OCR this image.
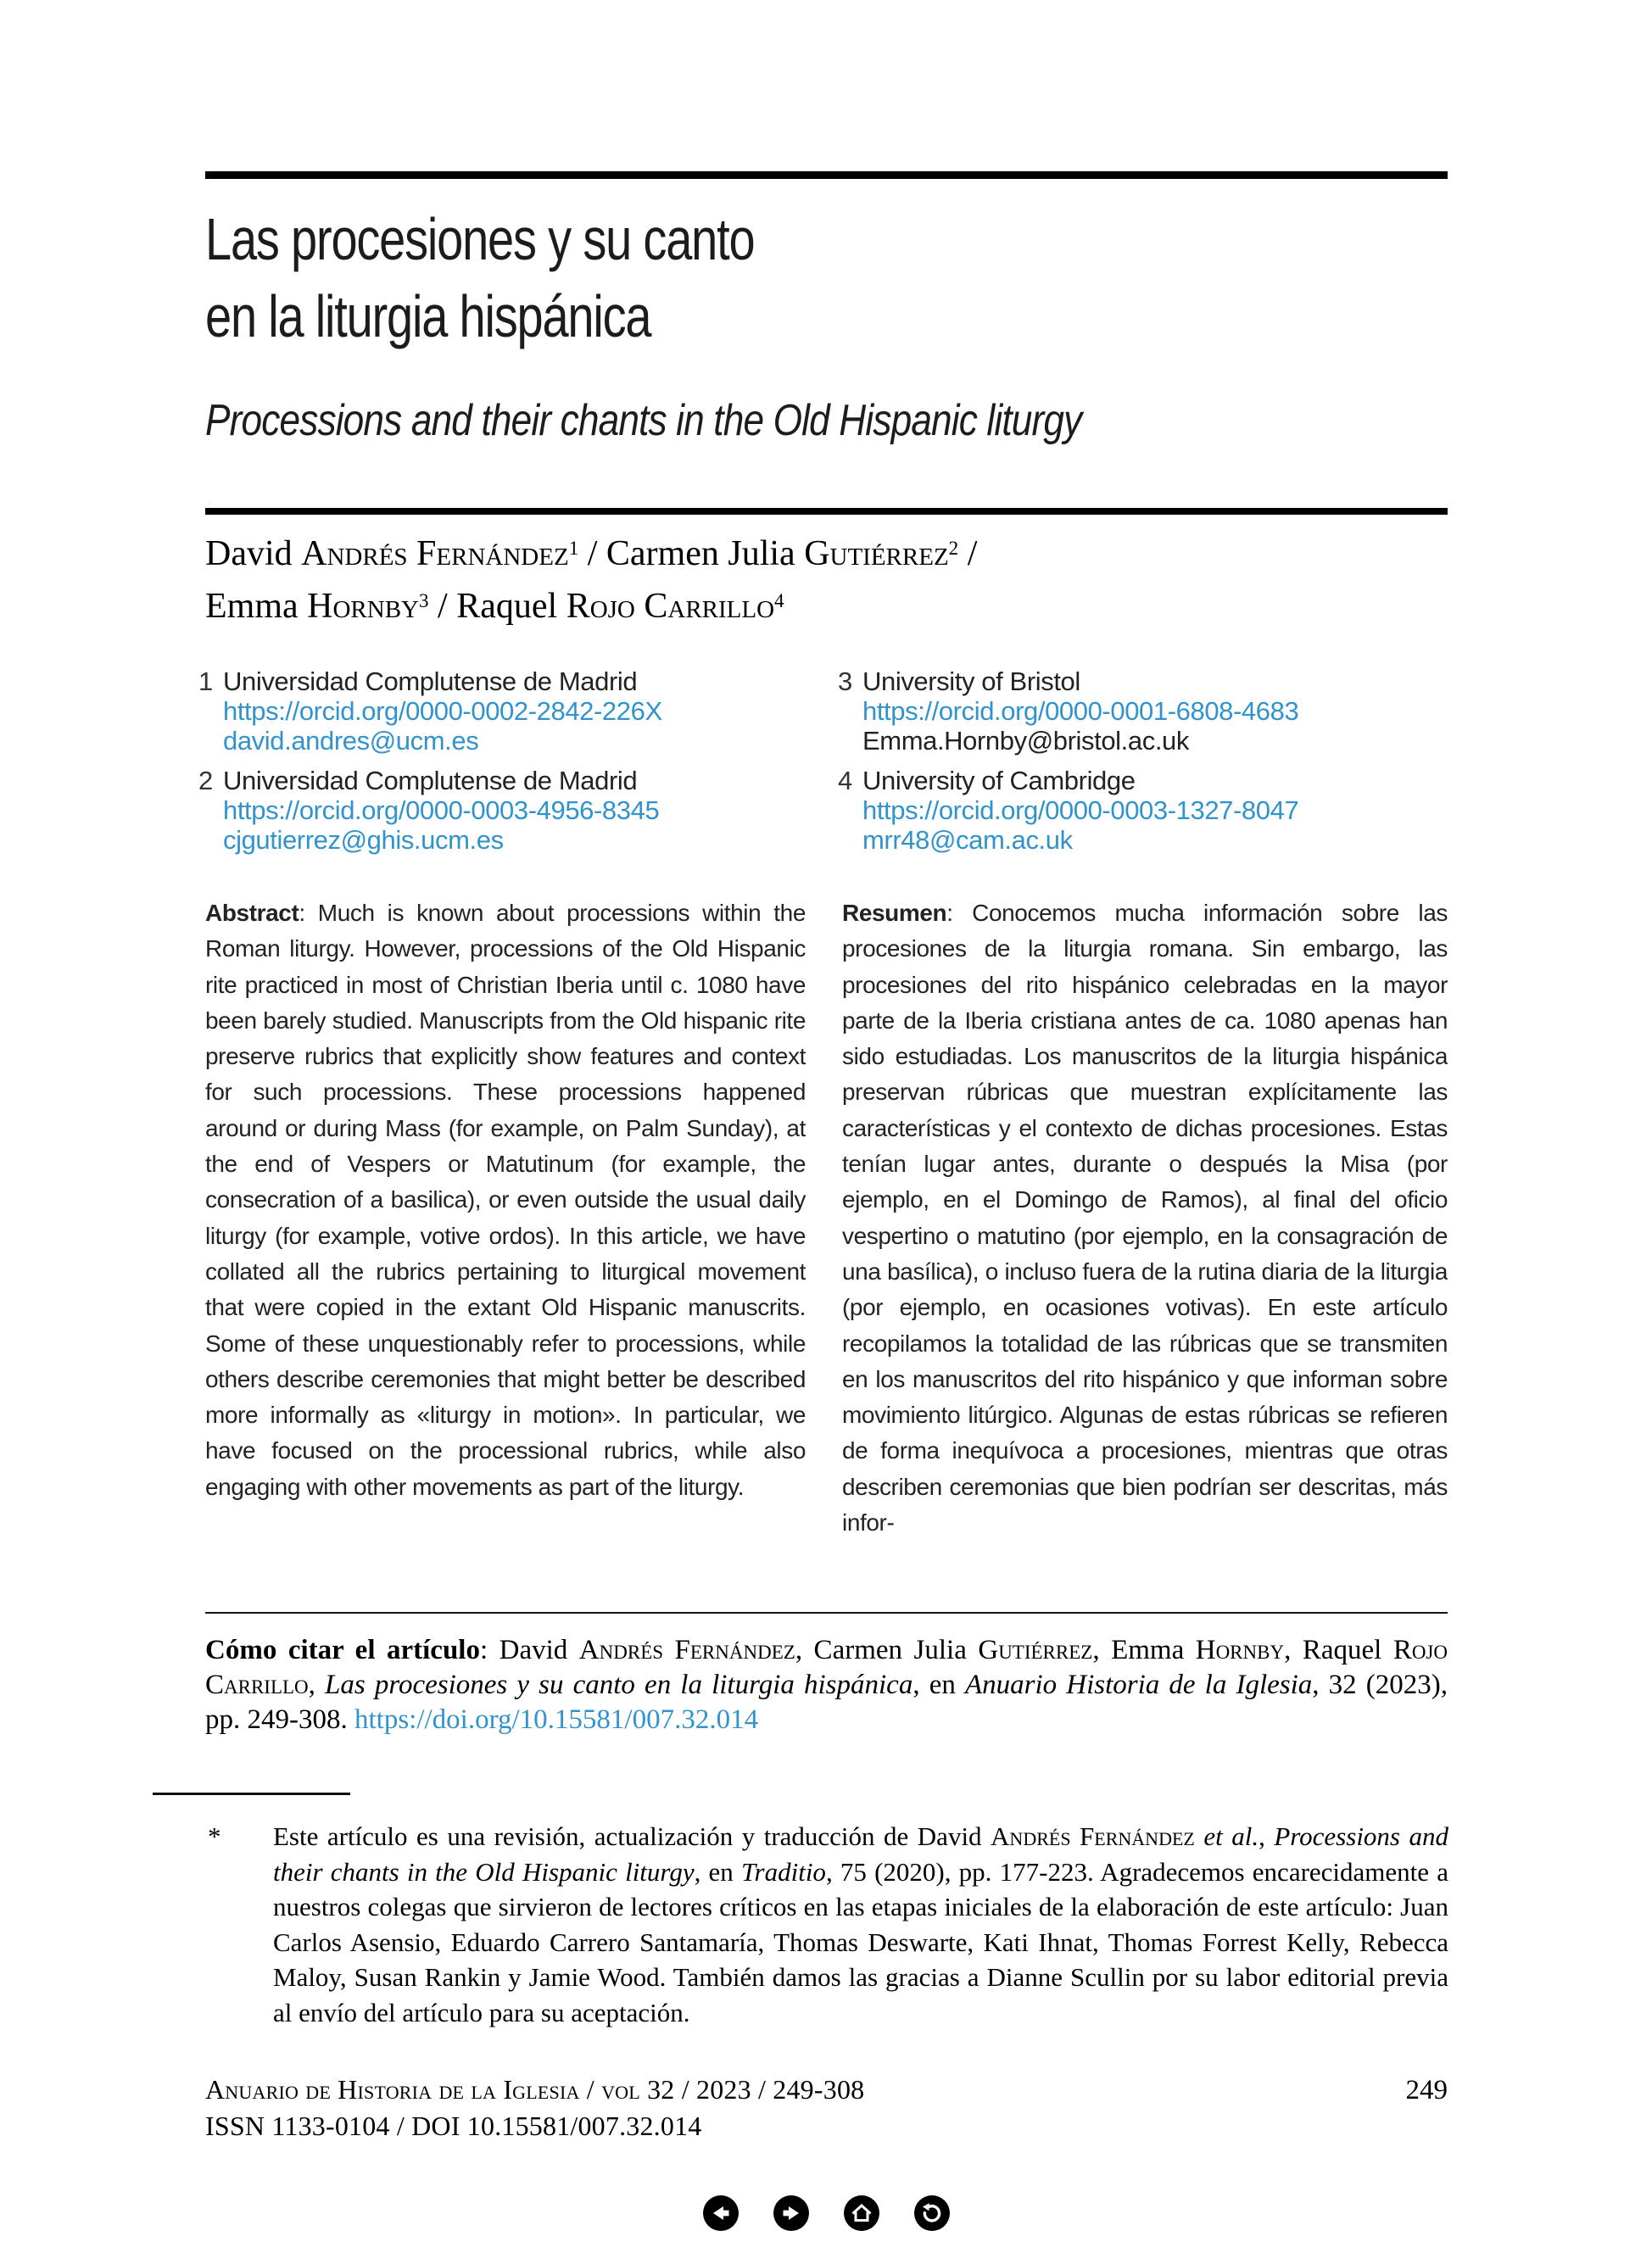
Las procesiones y su canto
en la liturgia hispánica
Processions and their chants in the Old Hispanic liturgy
David Andrés Fernández$^1$ / Carmen Julia Gutiérrez$^2$ /
Emma Hornby$^3$ / Raquel Rojo Carrillo$^4$
1 Universidad Complutense de Madrid
https://orcid.org/0000-0002-2842-226X
david.andres@ucm.es
2 Universidad Complutense de Madrid
https://orcid.org/0000-0003-4956-8345
cjgutierrez@ghis.ucm.es
3 University of Bristol
https://orcid.org/0000-0001-6808-4683
Emma.Hornby@bristol.ac.uk
4 University of Cambridge
https://orcid.org/0000-0003-1327-8047
mrr48@cam.ac.uk
Abstract: Much is known about processions within the Roman liturgy. However, processions of the Old Hispanic rite practiced in most of Christian Iberia until c. 1080 have been barely studied. Manuscripts from the Old hispanic rite preserve rubrics that explicitly show features and context for such processions. These processions happened around or during Mass (for example, on Palm Sunday), at the end of Vespers or Matutinum (for example, the consecration of a basilica), or even outside the usual daily liturgy (for example, votive ordos). In this article, we have collated all the rubrics pertaining to liturgical movement that were copied in the extant Old Hispanic manuscrits. Some of these unquestionably refer to processions, while others describe ceremonies that might better be described more informally as «liturgy in motion». In particular, we have focused on the processional rubrics, while also engaging with other movements as part of the liturgy.
Resumen: Conocemos mucha información sobre las procesiones de la liturgia romana. Sin embargo, las procesiones del rito hispánico celebradas en la mayor parte de la Iberia cristiana antes de ca. 1080 apenas han sido estudiadas. Los manuscritos de la liturgia hispánica preservan rúbricas que muestran explícitamente las características y el contexto de dichas procesiones. Estas tenían lugar antes, durante o después la Misa (por ejemplo, en el Domingo de Ramos), al final del oficio vespertino o matutino (por ejemplo, en la consagración de una basílica), o incluso fuera de la rutina diaria de la liturgia (por ejemplo, en ocasiones votivas). En este artículo recopilamos la totalidad de las rúbricas que se transmiten en los manuscritos del rito hispánico y que informan sobre movimiento litúrgico. Algunas de estas rúbricas se refieren de forma inequívoca a procesiones, mientras que otras describen ceremonias que bien podrían ser descritas, más infor-
Cómo citar el artículo: David Andrés Fernández, Carmen Julia Gutiérrez, Emma Hornby, Raquel Rojo Carrillo, Las procesiones y su canto en la liturgia hispánica, en Anuario Historia de la Iglesia, 32 (2023), pp. 249-308. https://doi.org/10.15581/007.32.014
*	Este artículo es una revisión, actualización y traducción de David Andrés Fernández et al., Processions and their chants in the Old Hispanic liturgy, en Traditio, 75 (2020), pp. 177-223. Agradecemos encarecidamente a nuestros colegas que sirvieron de lectores críticos en las etapas iniciales de la elaboración de este artículo: Juan Carlos Asensio, Eduardo Carrero Santamaría, Thomas Deswarte, Kati Ihnat, Thomas Forrest Kelly, Rebecca Maloy, Susan Rankin y Jamie Wood. También damos las gracias a Dianne Scullin por su labor editorial previa al envío del artículo para su aceptación.
Anuario de Historia de la Iglesia / vol 32 / 2023 / 249-308	249
ISSN 1133-0104 / DOI 10.15581/007.32.014
